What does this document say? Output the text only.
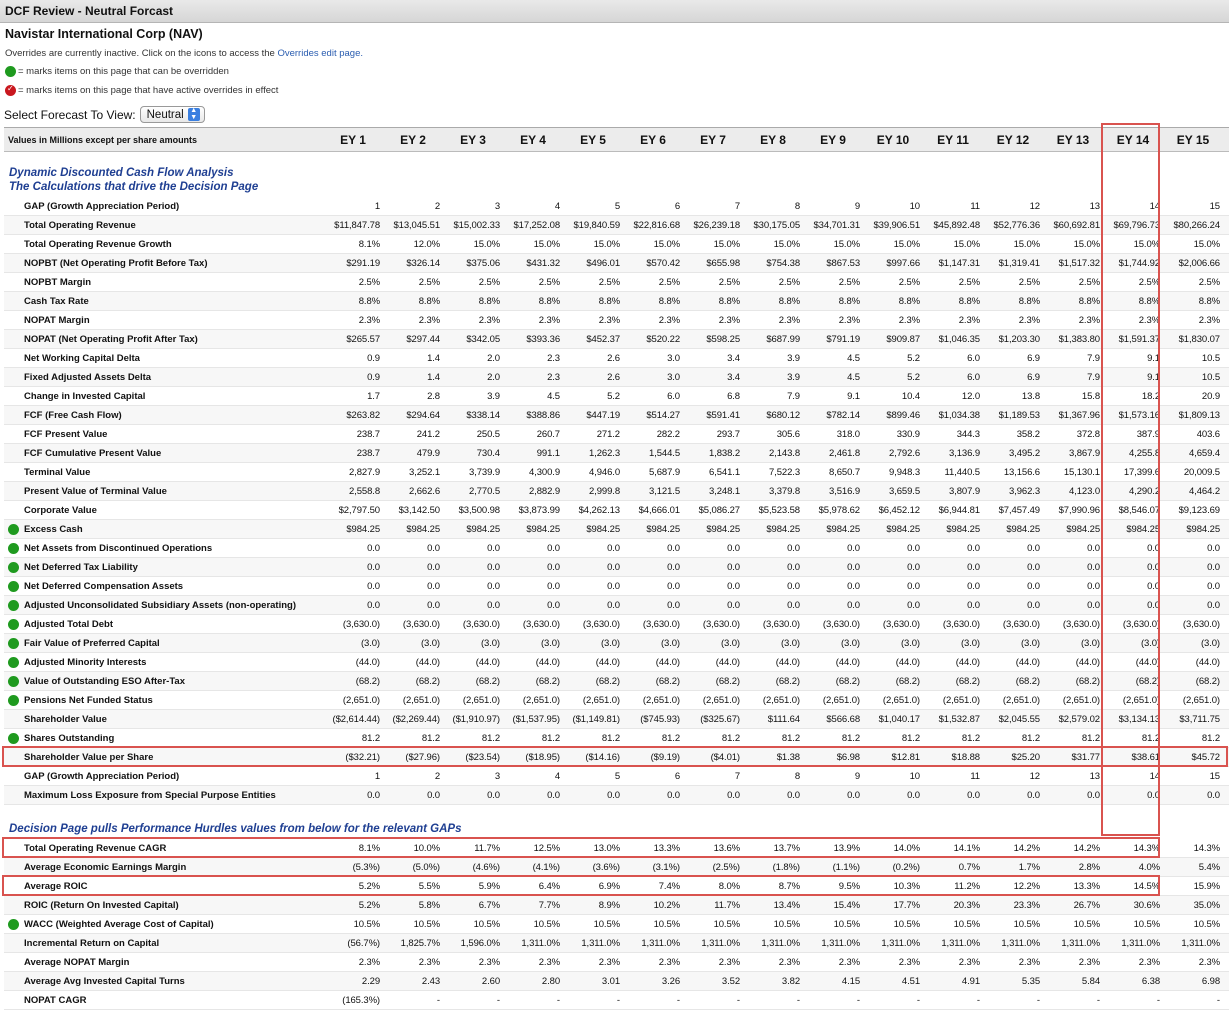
DCF Review - Neutral Forcast
Navistar International Corp (NAV)
Overrides are currently inactive. Click on the icons to access the Overrides edit page.
= marks items on this page that can be overridden
✓
= marks items on this page that have active overrides in effect
Select Forecast To View: Neutral ▲
▼
Values in Millions except per share amounts	EY 1	EY 2	EY 3	EY 4	EY 5	EY 6	EY 7	EY 8	EY 9	EY 10	EY 11	EY 12	EY 13	EY 14	EY 15
Dynamic Discounted Cash Flow Analysis
The Calculations that drive the Decision Page
GAP (Growth Appreciation Period)	1	2	3	4	5	6	7	8	9	10	11	12	13	14	15
Total Operating Revenue	$11,847.78	$13,045.51	$15,002.33	$17,252.08	$19,840.59	$22,816.68	$26,239.18	$30,175.05	$34,701.31	$39,906.51	$45,892.48	$52,776.36	$60,692.81	$69,796.73	$80,266.24
Total Operating Revenue Growth	8.1%	12.0%	15.0%	15.0%	15.0%	15.0%	15.0%	15.0%	15.0%	15.0%	15.0%	15.0%	15.0%	15.0%	15.0%
NOPBT (Net Operating Profit Before Tax)	$291.19	$326.14	$375.06	$431.32	$496.01	$570.42	$655.98	$754.38	$867.53	$997.66	$1,147.31	$1,319.41	$1,517.32	$1,744.92	$2,006.66
NOPBT Margin	2.5%	2.5%	2.5%	2.5%	2.5%	2.5%	2.5%	2.5%	2.5%	2.5%	2.5%	2.5%	2.5%	2.5%	2.5%
Cash Tax Rate	8.8%	8.8%	8.8%	8.8%	8.8%	8.8%	8.8%	8.8%	8.8%	8.8%	8.8%	8.8%	8.8%	8.8%	8.8%
NOPAT Margin	2.3%	2.3%	2.3%	2.3%	2.3%	2.3%	2.3%	2.3%	2.3%	2.3%	2.3%	2.3%	2.3%	2.3%	2.3%
NOPAT (Net Operating Profit After Tax)	$265.57	$297.44	$342.05	$393.36	$452.37	$520.22	$598.25	$687.99	$791.19	$909.87	$1,046.35	$1,203.30	$1,383.80	$1,591.37	$1,830.07
Net Working Capital Delta	0.9	1.4	2.0	2.3	2.6	3.0	3.4	3.9	4.5	5.2	6.0	6.9	7.9	9.1	10.5
Fixed Adjusted Assets Delta	0.9	1.4	2.0	2.3	2.6	3.0	3.4	3.9	4.5	5.2	6.0	6.9	7.9	9.1	10.5
Change in Invested Capital	1.7	2.8	3.9	4.5	5.2	6.0	6.8	7.9	9.1	10.4	12.0	13.8	15.8	18.2	20.9
FCF (Free Cash Flow)	$263.82	$294.64	$338.14	$388.86	$447.19	$514.27	$591.41	$680.12	$782.14	$899.46	$1,034.38	$1,189.53	$1,367.96	$1,573.16	$1,809.13
FCF Present Value	238.7	241.2	250.5	260.7	271.2	282.2	293.7	305.6	318.0	330.9	344.3	358.2	372.8	387.9	403.6
FCF Cumulative Present Value	238.7	479.9	730.4	991.1	1,262.3	1,544.5	1,838.2	2,143.8	2,461.8	2,792.6	3,136.9	3,495.2	3,867.9	4,255.8	4,659.4
Terminal Value	2,827.9	3,252.1	3,739.9	4,300.9	4,946.0	5,687.9	6,541.1	7,522.3	8,650.7	9,948.3	11,440.5	13,156.6	15,130.1	17,399.6	20,009.5
Present Value of Terminal Value	2,558.8	2,662.6	2,770.5	2,882.9	2,999.8	3,121.5	3,248.1	3,379.8	3,516.9	3,659.5	3,807.9	3,962.3	4,123.0	4,290.2	4,464.2
Corporate Value	$2,797.50	$3,142.50	$3,500.98	$3,873.99	$4,262.13	$4,666.01	$5,086.27	$5,523.58	$5,978.62	$6,452.12	$6,944.81	$7,457.49	$7,990.96	$8,546.07	$9,123.69
Excess Cash	$984.25	$984.25	$984.25	$984.25	$984.25	$984.25	$984.25	$984.25	$984.25	$984.25	$984.25	$984.25	$984.25	$984.25	$984.25
Net Assets from Discontinued Operations	0.0	0.0	0.0	0.0	0.0	0.0	0.0	0.0	0.0	0.0	0.0	0.0	0.0	0.0	0.0
Net Deferred Tax Liability	0.0	0.0	0.0	0.0	0.0	0.0	0.0	0.0	0.0	0.0	0.0	0.0	0.0	0.0	0.0
Net Deferred Compensation Assets	0.0	0.0	0.0	0.0	0.0	0.0	0.0	0.0	0.0	0.0	0.0	0.0	0.0	0.0	0.0
Adjusted Unconsolidated Subsidiary Assets (non-operating)	0.0	0.0	0.0	0.0	0.0	0.0	0.0	0.0	0.0	0.0	0.0	0.0	0.0	0.0	0.0
Adjusted Total Debt	(3,630.0)	(3,630.0)	(3,630.0)	(3,630.0)	(3,630.0)	(3,630.0)	(3,630.0)	(3,630.0)	(3,630.0)	(3,630.0)	(3,630.0)	(3,630.0)	(3,630.0)	(3,630.0)	(3,630.0)
Fair Value of Preferred Capital	(3.0)	(3.0)	(3.0)	(3.0)	(3.0)	(3.0)	(3.0)	(3.0)	(3.0)	(3.0)	(3.0)	(3.0)	(3.0)	(3.0)	(3.0)
Adjusted Minority Interests	(44.0)	(44.0)	(44.0)	(44.0)	(44.0)	(44.0)	(44.0)	(44.0)	(44.0)	(44.0)	(44.0)	(44.0)	(44.0)	(44.0)	(44.0)
Value of Outstanding ESO After-Tax	(68.2)	(68.2)	(68.2)	(68.2)	(68.2)	(68.2)	(68.2)	(68.2)	(68.2)	(68.2)	(68.2)	(68.2)	(68.2)	(68.2)	(68.2)
Pensions Net Funded Status	(2,651.0)	(2,651.0)	(2,651.0)	(2,651.0)	(2,651.0)	(2,651.0)	(2,651.0)	(2,651.0)	(2,651.0)	(2,651.0)	(2,651.0)	(2,651.0)	(2,651.0)	(2,651.0)	(2,651.0)
Shareholder Value	($2,614.44)	($2,269.44)	($1,910.97)	($1,537.95)	($1,149.81)	($745.93)	($325.67)	$111.64	$566.68	$1,040.17	$1,532.87	$2,045.55	$2,579.02	$3,134.13	$3,711.75
Shares Outstanding	81.2	81.2	81.2	81.2	81.2	81.2	81.2	81.2	81.2	81.2	81.2	81.2	81.2	81.2	81.2
Shareholder Value per Share	($32.21)	($27.96)	($23.54)	($18.95)	($14.16)	($9.19)	($4.01)	$1.38	$6.98	$12.81	$18.88	$25.20	$31.77	$38.61	$45.72
GAP (Growth Appreciation Period)	1	2	3	4	5	6	7	8	9	10	11	12	13	14	15
Maximum Loss Exposure from Special Purpose Entities	0.0	0.0	0.0	0.0	0.0	0.0	0.0	0.0	0.0	0.0	0.0	0.0	0.0	0.0	0.0
Decision Page pulls Performance Hurdles values from below for the relevant GAPs
Total Operating Revenue CAGR	8.1%	10.0%	11.7%	12.5%	13.0%	13.3%	13.6%	13.7%	13.9%	14.0%	14.1%	14.2%	14.2%	14.3%	14.3%
Average Economic Earnings Margin	(5.3%)	(5.0%)	(4.6%)	(4.1%)	(3.6%)	(3.1%)	(2.5%)	(1.8%)	(1.1%)	(0.2%)	0.7%	1.7%	2.8%	4.0%	5.4%
Average ROIC	5.2%	5.5%	5.9%	6.4%	6.9%	7.4%	8.0%	8.7%	9.5%	10.3%	11.2%	12.2%	13.3%	14.5%	15.9%
ROIC (Return On Invested Capital)	5.2%	5.8%	6.7%	7.7%	8.9%	10.2%	11.7%	13.4%	15.4%	17.7%	20.3%	23.3%	26.7%	30.6%	35.0%
WACC (Weighted Average Cost of Capital)	10.5%	10.5%	10.5%	10.5%	10.5%	10.5%	10.5%	10.5%	10.5%	10.5%	10.5%	10.5%	10.5%	10.5%	10.5%
Incremental Return on Capital	(56.7%)	1,825.7%	1,596.0%	1,311.0%	1,311.0%	1,311.0%	1,311.0%	1,311.0%	1,311.0%	1,311.0%	1,311.0%	1,311.0%	1,311.0%	1,311.0%	1,311.0%
Average NOPAT Margin	2.3%	2.3%	2.3%	2.3%	2.3%	2.3%	2.3%	2.3%	2.3%	2.3%	2.3%	2.3%	2.3%	2.3%	2.3%
Average Avg Invested Capital Turns	2.29	2.43	2.60	2.80	3.01	3.26	3.52	3.82	4.15	4.51	4.91	5.35	5.84	6.38	6.98
NOPAT CAGR	(165.3%)	-	-	-	-	-	-	-	-	-	-	-	-	-	-
